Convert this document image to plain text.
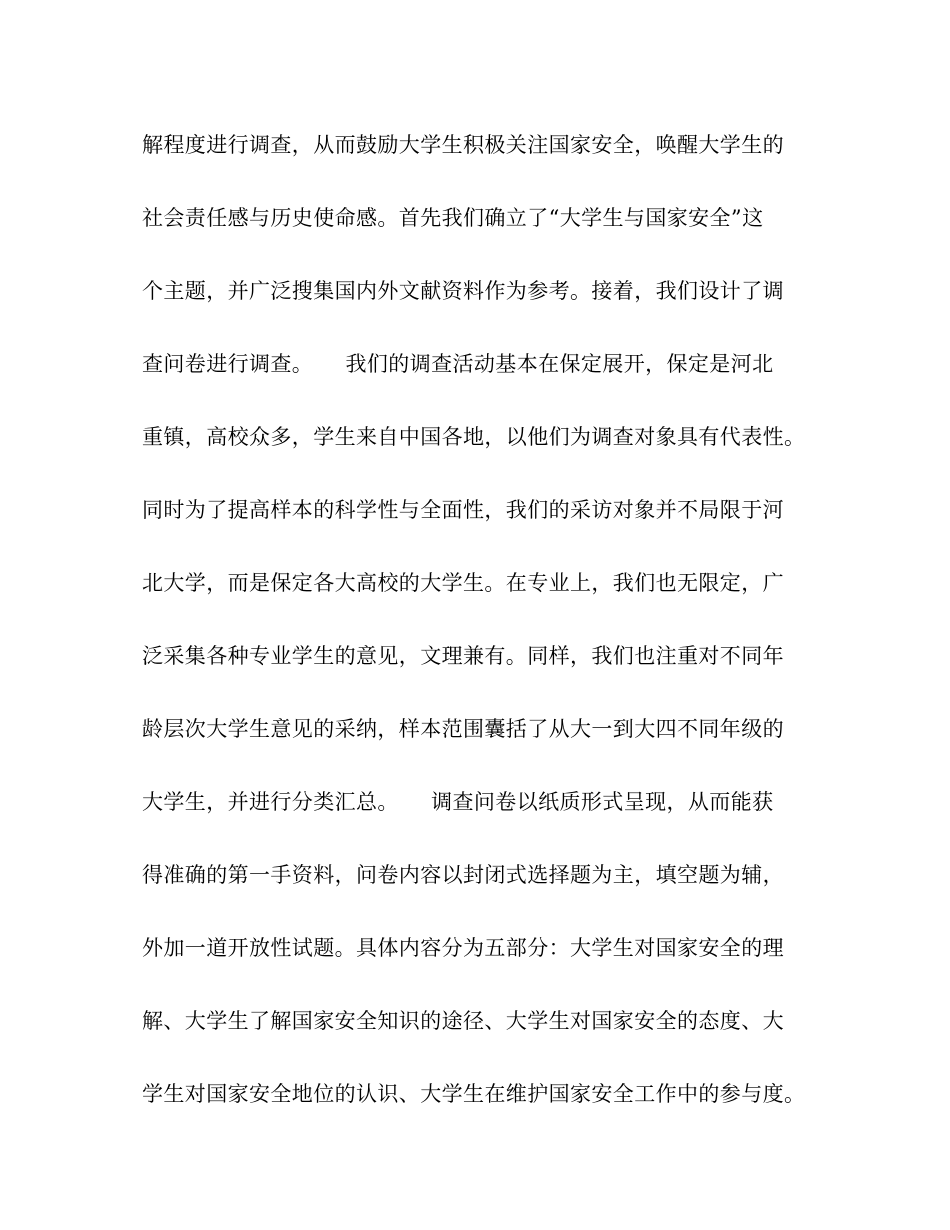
解程度进行调查，从而鼓励大学生积极关注国家安全，唤醒大学生的
社会责任感与历史使命感。首先我们确立了“大学生与国家安全”这
个主题，并广泛搜集国内外文献资料作为参考。接着，我们设计了调
查问卷进行调查。　　我们的调查活动基本在保定展开，保定是河北
重镇，高校众多，学生来自中国各地，以他们为调查对象具有代表性。
同时为了提高样本的科学性与全面性，我们的采访对象并不局限于河
北大学，而是保定各大高校的大学生。在专业上，我们也无限定，广
泛采集各种专业学生的意见，文理兼有。同样，我们也注重对不同年
龄层次大学生意见的采纳，样本范围囊括了从大一到大四不同年级的
大学生，并进行分类汇总。　　调查问卷以纸质形式呈现，从而能获
得准确的第一手资料，问卷内容以封闭式选择题为主，填空题为辅，
外加一道开放性试题。具体内容分为五部分：大学生对国家安全的理
解、大学生了解国家安全知识的途径、大学生对国家安全的态度、大
学生对国家安全地位的认识、大学生在维护国家安全工作中的参与度。
